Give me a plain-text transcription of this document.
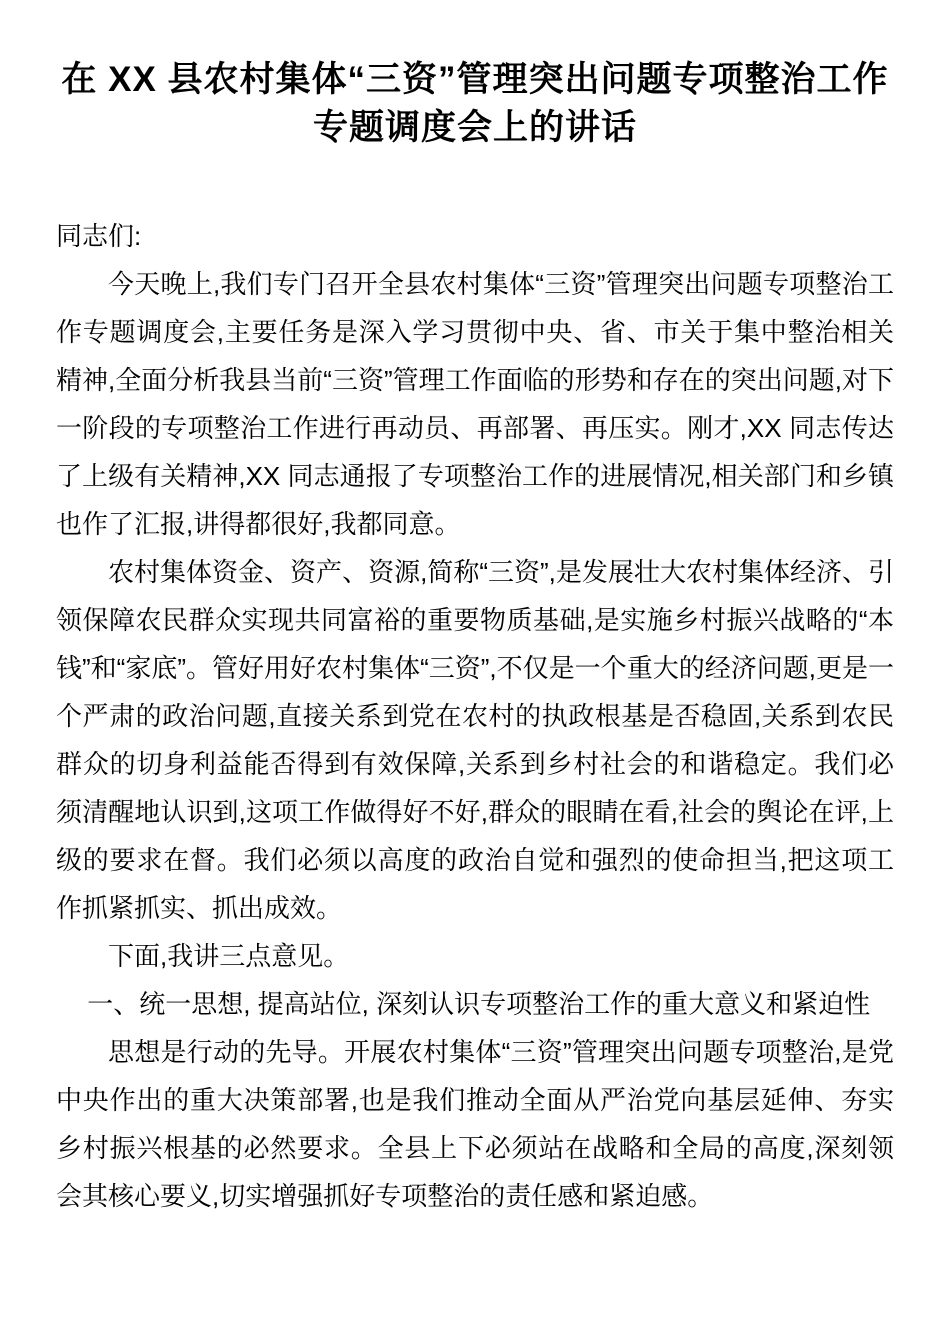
在 XX 县农村集体“三资”管理突出问题专项整治工作专题调度会上的讲话

同志们:

今天晚上,我们专门召开全县农村集体“三资”管理突出问题专项整治工作专题调度会,主要任务是深入学习贯彻中央、省、市关于集中整治相关精神,全面分析我县当前“三资”管理工作面临的形势和存在的突出问题,对下一阶段的专项整治工作进行再动员、再部署、再压实。刚才,XX 同志传达了上级有关精神,XX 同志通报了专项整治工作的进展情况,相关部门和乡镇也作了汇报,讲得都很好,我都同意。

农村集体资金、资产、资源,简称“三资”,是发展壮大农村集体经济、引领保障农民群众实现共同富裕的重要物质基础,是实施乡村振兴战略的“本钱”和“家底”。管好用好农村集体“三资”,不仅是一个重大的经济问题,更是一个严肃的政治问题,直接关系到党在农村的执政根基是否稳固,关系到农民群众的切身利益能否得到有效保障,关系到乡村社会的和谐稳定。我们必须清醒地认识到,这项工作做得好不好,群众的眼睛在看,社会的舆论在评,上级的要求在督。我们必须以高度的政治自觉和强烈的使命担当,把这项工作抓紧抓实、抓出成效。

下面,我讲三点意见。

一、统一思想, 提高站位, 深刻认识专项整治工作的重大意义和紧迫性

思想是行动的先导。开展农村集体“三资”管理突出问题专项整治,是党中央作出的重大决策部署,也是我们推动全面从严治党向基层延伸、夯实乡村振兴根基的必然要求。全县上下必须站在战略和全局的高度,深刻领会其核心要义,切实增强抓好专项整治的责任感和紧迫感。
